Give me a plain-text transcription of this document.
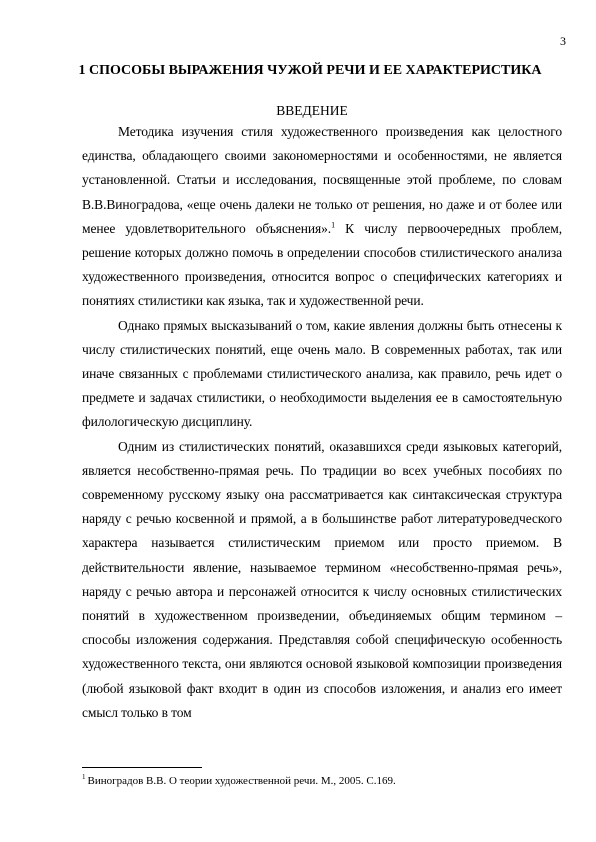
3
1 СПОСОБЫ ВЫРАЖЕНИЯ ЧУЖОЙ РЕЧИ И ЕЕ ХАРАКТЕРИСТИКА
ВВЕДЕНИЕ

Методика изучения стиля художественного произведения как целостного единства, обладающего своими закономерностями и особенностями, не является установленной. Статьи и исследования, посвященные этой проблеме, по словам В.В.Виноградова, «еще очень далеки не только от решения, но даже и от более или менее удовлетворительного объяснения».$^1$ К числу первоочередных проблем, решение которых должно помочь в определении способов стилистического анализа художественного произведения, относится вопрос о специфических категориях и понятиях стилистики как языка, так и художественной речи.

Однако прямых высказываний о том, какие явления должны быть отнесены к числу стилистических понятий, еще очень мало. В современных работах, так или иначе связанных с проблемами стилистического анализа, как правило, речь идет о предмете и задачах стилистики, о необходимости выделения ее в самостоятельную филологическую дисциплину.

Одним из стилистических понятий, оказавшихся среди языковых категорий, является несобственно-прямая речь. По традиции во всех учебных пособиях по современному русскому языку она рассматривается как синтаксическая структура наряду с речью косвенной и прямой, а в большинстве работ литературоведческого характера называется стилистическим приемом или просто приемом. В действительности явление, называемое термином «несобственно-прямая речь», наряду с речью автора и персонажей относится к числу основных стилистических понятий в художественном произведении, объединяемых общим термином – способы изложения содержания. Представляя собой специфическую особенность художественного текста, они являются основой языковой композиции произведения (любой языковой факт входит в один из способов изложения, и анализ его имеет смысл только в том

$^1$ Виноградов В.В. О теории художественной речи. М., 2005. С.169.
